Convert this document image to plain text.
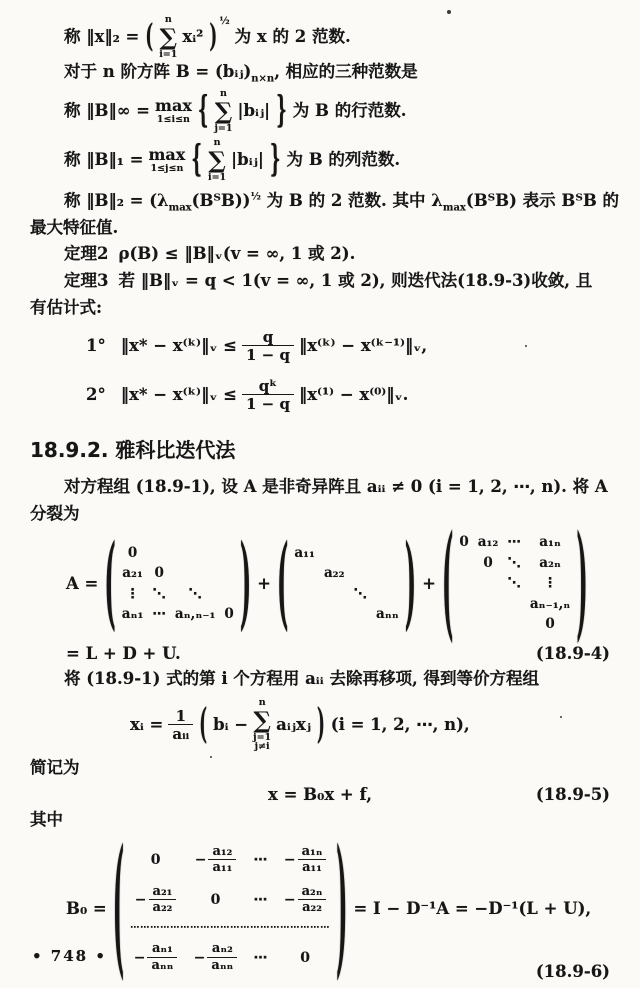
称 ‖x‖₂ = ( n
∑
i=1
xᵢ² ) ½
为 x 的 2 范数.
对于 n 阶方阵 $B = (bᵢⱼ)_{n\times n}$, 相应的三种范数是
称 ‖B‖∞ = max
1≤i≤n { n
∑
j=1
|bᵢⱼ| } 为 B 的行范数.
称 ‖B‖₁ = max
1≤j≤n { n
∑
i=1
|bᵢⱼ| } 为 B 的列范数.
称 ‖B‖₂ = $(\lambda_{max}(BᵀB))^{\frac{1}{2}}$ 为 B 的 2 范数. 其中 $\lambda_{max}(BᵀB)$ 表示 BᵀB 的
最大特征值.
定理2 ρ(B) ≤ ‖B‖ᵥ(v = ∞, 1 或 2).
定理3 若 ‖B‖ᵥ = q < 1(v = ∞, 1 或 2), 则迭代法(18.9-3)收敛, 且
有估计式:
1° ‖x* − x⁽ᵏ⁾‖ᵥ ≤ $\frac{q}{1 - q}$ ‖x⁽ᵏ⁾ − x⁽ᵏ⁻¹⁾‖ᵥ,
2° ‖x* − x⁽ᵏ⁾‖ᵥ ≤ $\frac{\text{qᵏ}}{1 - q}$ ‖x⁽¹⁾ − x⁽⁰⁾‖ᵥ.
18.9.2. 雅科比迭代法
对方程组 (18.9-1), 设 A 是非奇异阵且 aᵢᵢ ≠ 0 (i = 1, 2, ⋯, n). 将 A
分裂为
A = ( 0
a₂₁ 0
⋮ ⋱ ⋱
aₙ₁ ⋯ aₙ,ₙ₋₁ 0 ) + ( a₁₁
a₂₂
⋱
aₙₙ ) + ( 0 a₁₂ ⋯ a₁ₙ
0 ⋱ a₂ₙ
⋱ ⋮
aₙ₋₁,ₙ
0 )
= L + D + U.	(18.9-4)
将 (18.9-1) 式的第 i 个方程用 aᵢᵢ 去除再移项, 得到等价方程组
xᵢ = $\frac{1}{\text{aᵢᵢ}}$ ( bᵢ −
n
∑
j=1
j≠i
aᵢⱼxⱼ ) (i = 1, 2, ⋯, n),
简记为
x = B₀x + f,	(18.9-5)
其中
B₀ = ( $0 - \frac{\text{a₁₂}}{\text{a₁₁}}$ ⋯ − $\frac{\text{a₁ₙ}}{\text{a₁₁}}$
− $\frac{\text{a₂₁}}{\text{a₂₂}} 0$ ⋯ − $\frac{\text{a₂ₙ}}{\text{a₂₂}}$
⋯⋯⋯⋯⋯⋯⋯⋯⋯⋯⋯⋯⋯⋯⋯⋯⋯⋯⋯⋯
− $\frac{\text{aₙ₁}}{\text{aₙₙ}} - \frac{\text{aₙ₂}}{\text{aₙₙ}}$ ⋯ 0 ) = I − D⁻¹A = −D⁻¹(L + U),
(18.9-6)
• 748 •
